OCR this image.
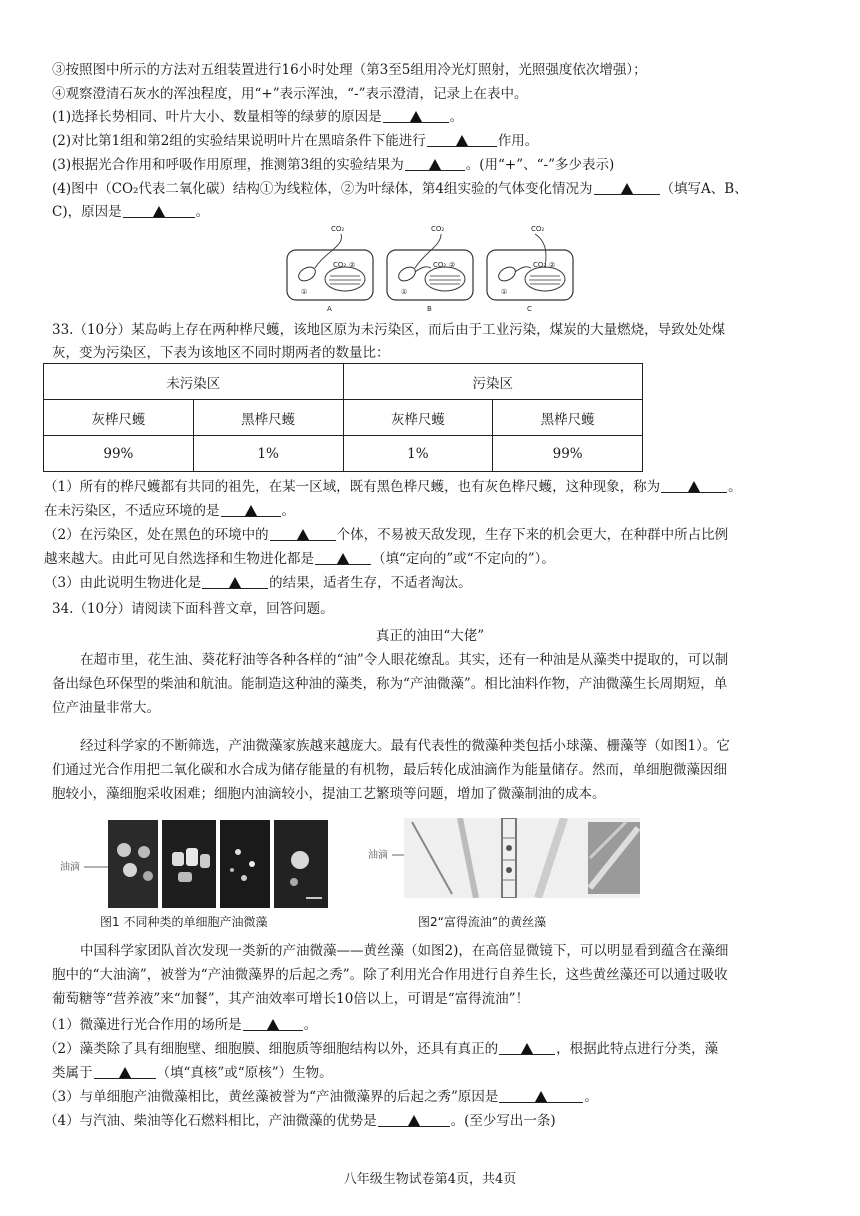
③按照图中所示的方法对五组装置进行16小时处理（第3至5组用冷光灯照射，光照强度依次增强）；
④观察澄清石灰水的浑浊程度，用“+”表示浑浊，“-”表示澄清，记录上在表中。
(1)选择长势相同、叶片大小、数量相等的绿萝的原因是	。
(2)对比第1组和第2组的实验结果说明叶片在黑暗条件下能进行	作用。
(3)根据光合作用和呼吸作用原理，推测第3组的实验结果为	。(用“+”、“-”多少表示)
(4)图中（CO₂代表二氧化碳）结构①为线粒体，②为叶绿体，第4组实验的气体变化情况为	（填写A、B、
C)，原因是	。
CO₂
CO₂ ②
①
A
CO₂
CO₂ ②
①
B
CO₂
CO₂ ②
①
C
33.（10分）某岛屿上存在两种桦尺蠖，该地区原为未污染区，而后由于工业污染，煤炭的大量燃烧，导致处处煤
灰，变为污染区，下表为该地区不同时期两者的数量比：
未污染区		污染区	
灰桦尺蠖	黑桦尺蠖	灰桦尺蠖	黑桦尺蠖
99%	1%	1%	99%
（1）所有的桦尺蠖都有共同的祖先，在某一区域，既有黑色桦尺蠖，也有灰色桦尺蠖，这种现象，称为	。
在未污染区，不适应环境的是	。
（2）在污染区，处在黑色的环境中的	个体，不易被天敌发现，生存下来的机会更大，在种群中所占比例
越来越大。由此可见自然选择和生物进化都是	（填“定向的”或“不定向的”）。
（3）由此说明生物进化是	的结果，适者生存，不适者淘汰。
34.（10分）请阅读下面科普文章，回答问题。
真正的油田“大佬”
在超市里，花生油、葵花籽油等各种各样的“油”令人眼花缭乱。其实，还有一种油是从藻类中提取的，可以制
备出绿色环保型的柴油和航油。能制造这种油的藻类，称为“产油微藻”。相比油料作物，产油微藻生长周期短，单
位产油量非常大。
经过科学家的不断筛选，产油微藻家族越来越庞大。最有代表性的微藻种类包括小球藻、栅藻等（如图1）。它
们通过光合作用把二氧化碳和水合成为储存能量的有机物，最后转化成油滴作为能量储存。然而，单细胞微藻因细
胞较小，藻细胞采收困难；细胞内油滴较小，提油工艺繁琐等问题，增加了微藻制油的成本。
油滴
图1 不同种类的单细胞产油微藻
油滴
图2“富得流油”的黄丝藻
中国科学家团队首次发现一类新的产油微藻——黄丝藻（如图2)，在高倍显微镜下，可以明显看到蕴含在藻细
胞中的“大油滴”，被誉为“产油微藻界的后起之秀”。除了利用光合作用进行自养生长，这些黄丝藻还可以通过吸收
葡萄糖等“营养液”来“加餐”，其产油效率可增长10倍以上，可谓是“富得流油”！
（1）微藻进行光合作用的场所是	。
（2）藻类除了具有细胞壁、细胞膜、细胞质等细胞结构以外，还具有真正的	，根据此特点进行分类，藻
类属于	（填“真核”或“原核”）生物。
（3）与单细胞产油微藻相比，黄丝藻被誉为“产油微藻界的后起之秀”原因是	。
（4）与汽油、柴油等化石燃料相比，产油微藻的优势是	。(至少写出一条)
八年级生物试卷第4页，共4页
